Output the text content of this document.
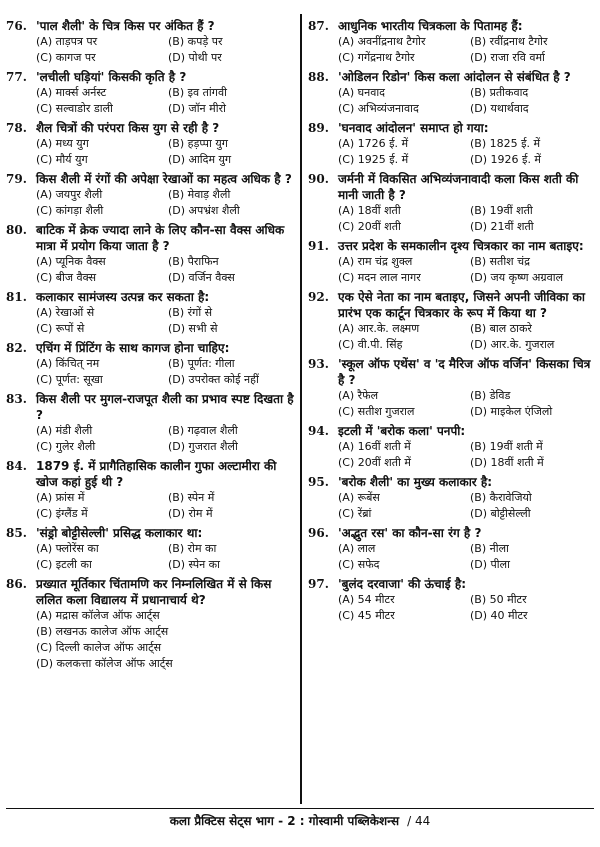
76. 'पाल शैली' के चित्र किस पर अंकित हैं ?
(A) ताड़पत्र पर	(B) कपड़े पर
(C) कागज पर	(D) पोथी पर
77. 'लचीली घड़ियां' किसकी कृति है ?
(A) मार्क्स अर्नस्ट	(B) इव तांगवी
(C) सल्वाडोर डाली	(D) जॉन मीरो
78. शैल चित्रों की परंपरा किस युग से रही है ?
(A) मध्य युग	(B) हड़प्पा युग
(C) मौर्य युग	(D) आदिम युग
79. किस शैली में रंगों की अपेक्षा रेखाओं का महत्व अधिक है ?
(A) जयपुर शैली	(B) मेवाड़ शैली
(C) कांगड़ा शैली	(D) अपभ्रंश शैली
80. बाटिक में क्रेक ज्यादा लाने के लिए कौन-सा वैक्स अधिक मात्रा में प्रयोग किया जाता है ?
(A) प्यूनिक वैक्स	(B) पैराफिन
(C) बीज वैक्स	(D) वर्जिन वैक्स
81. कलाकार सामंजस्य उत्पन्न कर सकता है:
(A) रेखाओं से	(B) रंगों से
(C) रूपों से	(D) सभी से
82. एचिंग में प्रिंटिंग के साथ कागज होना चाहिए:
(A) किंचित् नम	(B) पूर्णत: गीला
(C) पूर्णत: सूखा	(D) उपरोक्त कोई नहीं
83. किस शैली पर मुगल-राजपूत शैली का प्रभाव स्पष्ट दिखता है ?
(A) मंडी शैली	(B) गढ़वाल शैली
(C) गुलेर शैली	(D) गुजरात शैली
84. 1879 ई. में प्रागैतिहासिक कालीन गुफा अल्टामीरा की खोज कहां हुई थी ?
(A) फ्रांस में	(B) स्पेन में
(C) इंग्लैंड में	(D) रोम में
85. 'संड्रो बोट्टीसेल्ली' प्रसिद्ध कलाकार था:
(A) फ्लोरेंस का	(B) रोम का
(C) इटली का	(D) स्पेन का
86. प्रख्यात मूर्तिकार चिंतामणि कर निम्नलिखित में से किस ललित कला विद्यालय में प्रधानाचार्य थे?
(A) मद्रास कॉलेज ऑफ आर्ट्स
(B) लखनऊ कालेज ऑफ आर्ट्स
(C) दिल्ली कालेज ऑफ आर्ट्स
(D) कलकत्ता कॉलेज ऑफ आर्ट्स
87. आधुनिक भारतीय चित्रकला के पितामह हैं:
(A) अवनींद्रनाथ टैगोर	(B) रवींद्रनाथ टैगोर
(C) गगेंद्रनाथ टैगोर	(D) राजा रवि वर्मा
88. 'ओडिलन रिडोन' किस कला आंदोलन से संबंधित है ?
(A) घनवाद	(B) प्रतीकवाद
(C) अभिव्यंजनावाद	(D) यथार्थवाद
89. 'घनवाद आंदोलन' समाप्त हो गया:
(A) 1726 ई. में	(B) 1825 ई. में
(C) 1925 ई. में	(D) 1926 ई. में
90. जर्मनी में विकसित अभिव्यंजनावादी कला किस शती की मानी जाती है ?
(A) 18वीं शती	(B) 19वीं शती
(C) 20वीं शती	(D) 21वीं शती
91. उत्तर प्रदेश के समकालीन दृश्य चित्रकार का नाम बताइए:
(A) राम चंद्र शुक्ल	(B) सतीश चंद्र
(C) मदन लाल नागर	(D) जय कृष्ण अग्रवाल
92. एक ऐसे नेता का नाम बताइए, जिसने अपनी जीविका का प्रारंभ एक कार्टून चित्रकार के रूप में किया था ?
(A) आर.के. लक्ष्मण	(B) बाल ठाकरे
(C) वी.पी. सिंह	(D) आर.के. गुजराल
93. 'स्कूल ऑफ एथेंस' व 'द मैरिज ऑफ वर्जिन' किसका चित्र है ?
(A) रैफेल	(B) डेविड
(C) सतीश गुजराल	(D) माइकेल एंजिलो
94. इटली में 'बरोक कला' पनपी:
(A) 16वीं शती में	(B) 19वीं शती में
(C) 20वीं शती में	(D) 18वीं शती में
95. 'बरोक शैली' का मुख्य कलाकार है:
(A) रूबेंस	(B) कैरावेजियो
(C) रेंब्रां	(D) बोट्टीसेल्ली
96. 'अद्भुत रस' का कौन-सा रंग है ?
(A) लाल	(B) नीला
(C) सफेद	(D) पीला
97. 'बुलंद दरवाजा' की ऊंचाई है:
(A) 54 मीटर	(B) 50 मीटर
(C) 45 मीटर	(D) 40 मीटर
कला प्रैक्टिस सेट्स भाग - 2 : गोस्वामी पब्लिकेशन्स / 44
